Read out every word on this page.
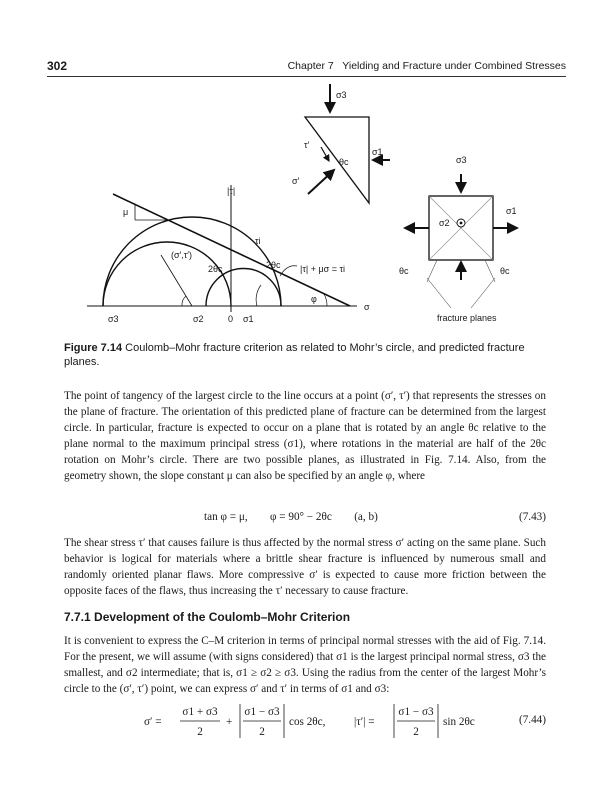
302	Chapter 7   Yielding and Fracture under Combined Stresses
σ3
τ′
θc
σ1
σ′
|τ|
μ
(σ′,τ′)
2θc
τi
2θc |τ| + μσ = τi
φ
σ
σ3	σ2	0 σ1
σ3
σ1
σ2
θc	θc
fracture planes
Figure 7.14 Coulomb–Mohr fracture criterion as related to Mohr’s circle, and predicted fracture planes.
The point of tangency of the largest circle to the line occurs at a point (σ′, τ′) that represents the stresses on the plane of fracture. The orientation of this predicted plane of fracture can be determined from the largest circle. In particular, fracture is expected to occur on a plane that is rotated by an angle θc relative to the plane normal to the maximum principal stress (σ1), where rotations in the material are half of the 2θc rotation on Mohr’s circle. There are two possible planes, as illustrated in Fig. 7.14. Also, from the geometry shown, the slope constant μ can also be specified by an angle φ, where
tan φ = μ,        φ = 90° − 2θc        (a, b)	(7.43)
The shear stress τ′ that causes failure is thus affected by the normal stress σ′ acting on the same plane. Such behavior is logical for materials where a brittle shear fracture is influenced by numerous small and randomly oriented planar flaws. More compressive σ′ is expected to cause more friction between the opposite faces of the flaws, thus increasing the τ′ necessary to cause fracture.
7.7.1 Development of the Coulomb–Mohr Criterion
It is convenient to express the C–M criterion in terms of principal normal stresses with the aid of Fig. 7.14. For the present, we will assume (with signs considered) that σ1 is the largest principal normal stress, σ3 the smallest, and σ2 intermediate; that is, σ1 ≥ σ2 ≥ σ3. Using the radius from the center of the largest Mohr’s circle to the (σ′, τ′) point, we can express σ′ and τ′ in terms of σ1 and σ3:
σ′ =
σ1 + σ3
2
+
σ1 − σ3
2
cos 2θc,	|τ′| =
σ1 − σ3
2
sin 2θc	(7.44)
